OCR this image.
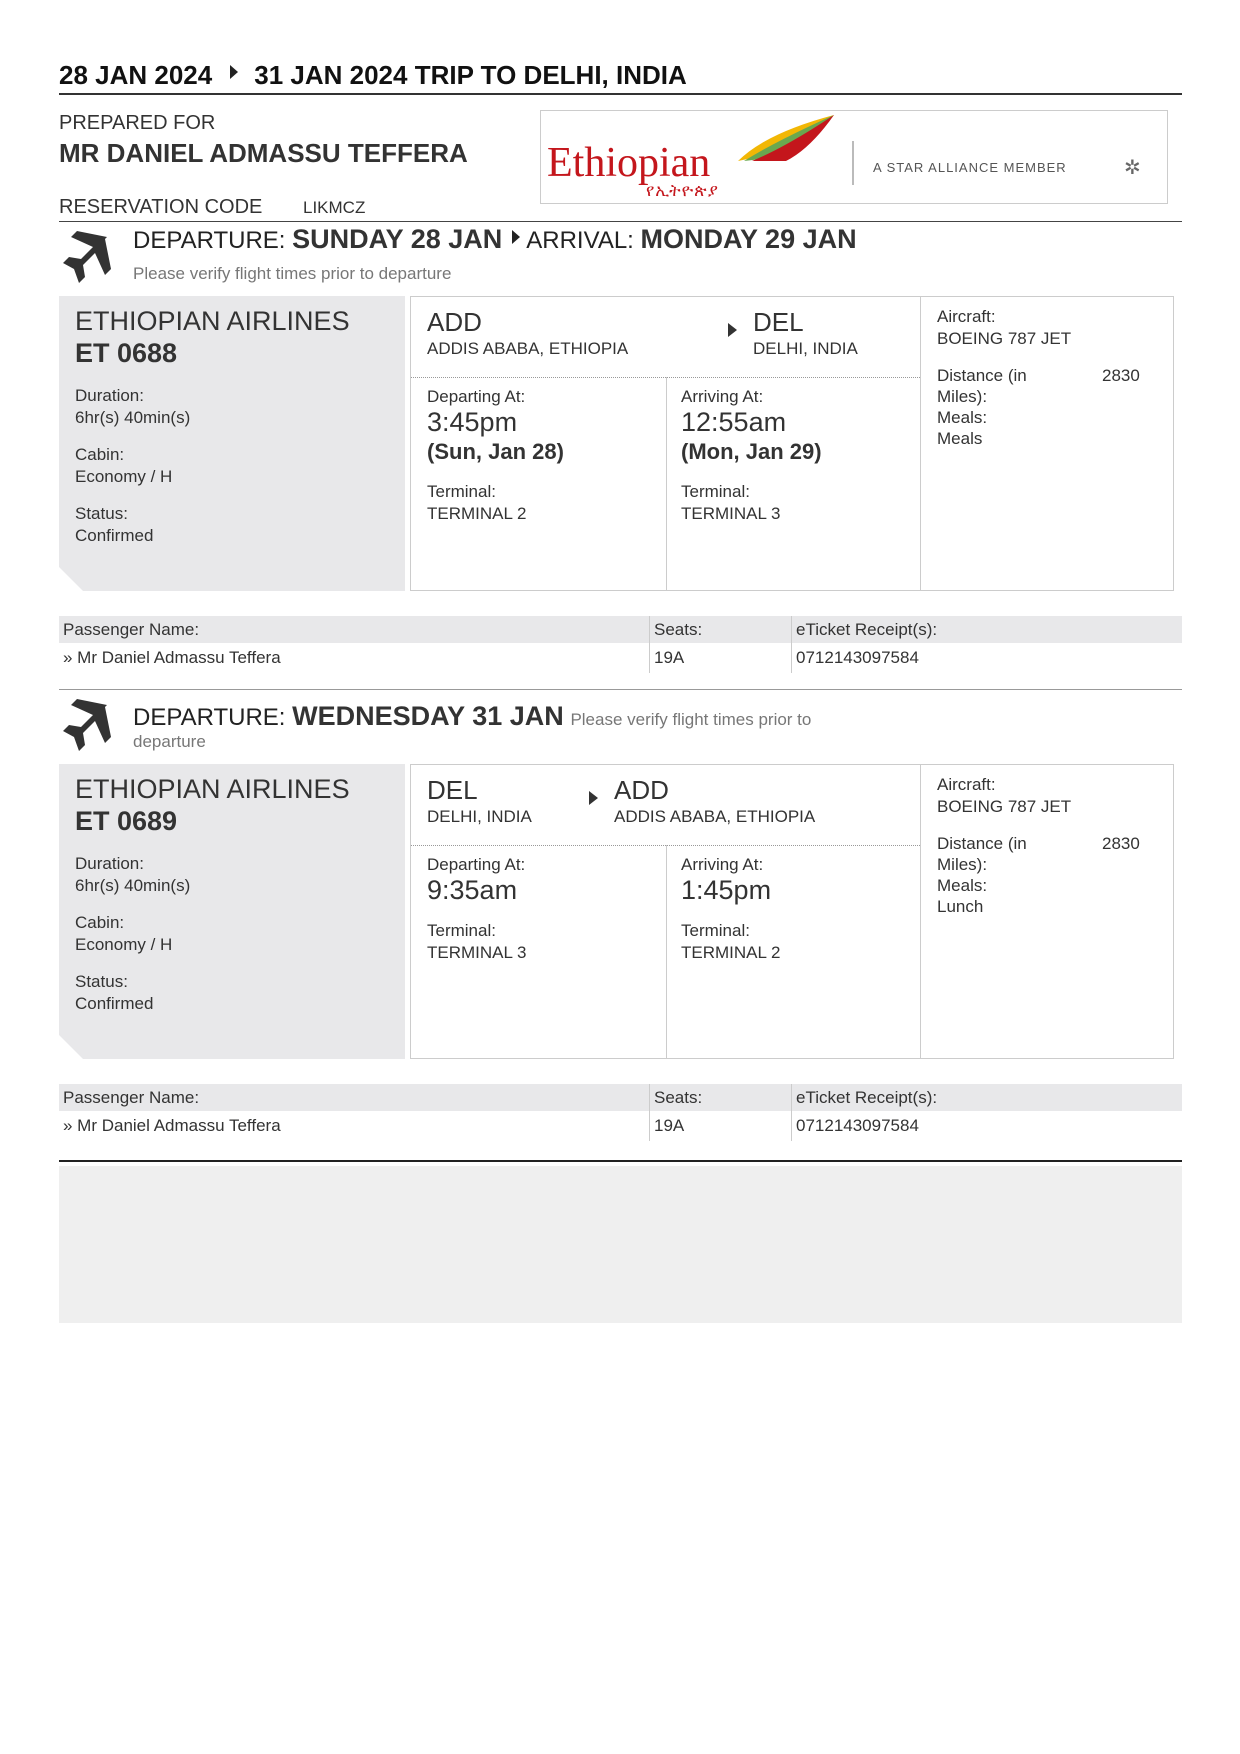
28 JAN 2024 31 JAN 2024 TRIP TO DELHI, INDIA
PREPARED FOR
MR DANIEL ADMASSU TEFFERA
RESERVATION CODE LIKMCZ
Ethiopian
የኢትዮጵያ
A STAR ALLIANCE MEMBER	✲
DEPARTURE: SUNDAY 28 JAN ARRIVAL: MONDAY 29 JAN
Please verify flight times prior to departure
ETHIOPIAN AIRLINES
ET 0688
Duration:
6hr(s) 40min(s)
Cabin:
Economy / H
Status:
Confirmed
ADD
ADDIS ABABA, ETHIOPIA
DEL
DELHI, INDIA
Departing At:
3:45pm
(Sun, Jan 28)
Terminal:
TERMINAL 2
Arriving At:
12:55am
(Mon, Jan 29)
Terminal:
TERMINAL 3
Aircraft:
BOEING 787 JET
Distance (in
Miles):
2830
Meals:
Meals
Passenger Name:	Seats:	eTicket Receipt(s):
» Mr Daniel Admassu Teffera	19A	0712143097584
DEPARTURE: WEDNESDAY 31 JAN Please verify flight times prior to
departure
ETHIOPIAN AIRLINES
ET 0689
Duration:
6hr(s) 40min(s)
Cabin:
Economy / H
Status:
Confirmed
DEL
DELHI, INDIA
ADD
ADDIS ABABA, ETHIOPIA
Departing At:
9:35am
Terminal:
TERMINAL 3
Arriving At:
1:45pm
Terminal:
TERMINAL 2
Aircraft:
BOEING 787 JET
Distance (in
Miles):
2830
Meals:
Lunch
Passenger Name:	Seats:	eTicket Receipt(s):
» Mr Daniel Admassu Teffera	19A	0712143097584
